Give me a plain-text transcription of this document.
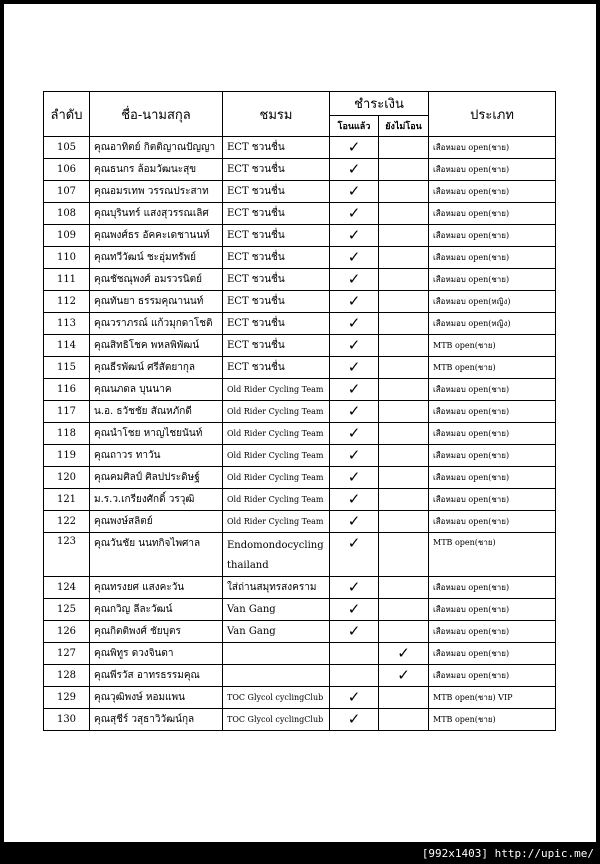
ลำดับ	ชื่อ-นามสกุล	ชมรม	ชำระเงิน		ประเภท
			โอนแล้ว	ยังไม่โอน	
105	คุณอาทิตย์ กิตติญาณปัญญา	ECT ชวนชื่น	✓		เสือหมอบ open(ชาย)
106	คุณธนกร ล้อมวัฒนะสุข	ECT ชวนชื่น	✓		เสือหมอบ open(ชาย)
107	คุณอมรเทพ วรรณประสาท	ECT ชวนชื่น	✓		เสือหมอบ open(ชาย)
108	คุณบุรินทร์ แสงสุวรรณเลิศ	ECT ชวนชื่น	✓		เสือหมอบ open(ชาย)
109	คุณพงศ์ธร อัคคะเดชานนท์	ECT ชวนชื่น	✓		เสือหมอบ open(ชาย)
110	คุณทวีวัฒน์ ชะอุ่มทรัพย์	ECT ชวนชื่น	✓		เสือหมอบ open(ชาย)
111	คุณชัชณุพงศ์ อมรวรนิตย์	ECT ชวนชื่น	✓		เสือหมอบ open(ชาย)
112	คุณทันยา ธรรมคุณานนท์	ECT ชวนชื่น	✓		เสือหมอบ open(หญิง)
113	คุณวราภรณ์ แก้วมุกดาโชติ	ECT ชวนชื่น	✓		เสือหมอบ open(หญิง)
114	คุณสิทธิโชค พหลพิพัฒน์	ECT ชวนชื่น	✓		MTB open(ชาย)
115	คุณธีรพัฒน์ ศรีสัตยากุล	ECT ชวนชื่น	✓		MTB open(ชาย)
116	คุณนภดล บุนนาค	Old Rider Cycling Team	✓		เสือหมอบ open(ชาย)
117	น.อ. ธวัชชัย สัณหภักดี	Old Rider Cycling Team	✓		เสือหมอบ open(ชาย)
118	คุณนำโชย หาญไชยนันท์	Old Rider Cycling Team	✓		เสือหมอบ open(ชาย)
119	คุณถาวร ทาวัน	Old Rider Cycling Team	✓		เสือหมอบ open(ชาย)
120	คุณคมศิลป์ ศิลปประดิษฐ์	Old Rider Cycling Team	✓		เสือหมอบ open(ชาย)
121	ม.ร.ว.เกรียงศักดิ์ วรวุฒิ	Old Rider Cycling Team	✓		เสือหมอบ open(ชาย)
122	คุณพงษ์สลิตย์	Old Rider Cycling Team	✓		เสือหมอบ open(ชาย)
123	คุณวันชัย นนทกิจไพศาล	Endomondocycling thailand	✓		MTB open(ชาย)
124	คุณทรงยศ แสงคะวัน	ใส่ถ่านสมุทรสงคราม	✓		เสือหมอบ open(ชาย)
125	คุณกวิญ ลีละวัฒน์	Van Gang	✓		เสือหมอบ open(ชาย)
126	คุณกิตติพงศ์ ชัยบุตร	Van Gang	✓		เสือหมอบ open(ชาย)
127	คุณพิทูร ดวงจินดา			✓	เสือหมอบ open(ชาย)
128	คุณพีรวัส อาทรธรรมคุณ			✓	เสือหมอบ open(ชาย)
129	คุณวุฒิพงษ์ หอมแพน	TOC Glycol cyclingClub	✓		MTB open(ชาย) VIP
130	คุณสุชีร์ วสุธาวิวัฒน์กุล	TOC Glycol cyclingClub	✓		MTB open(ชาย)
[992x1403] http://upic.me/
